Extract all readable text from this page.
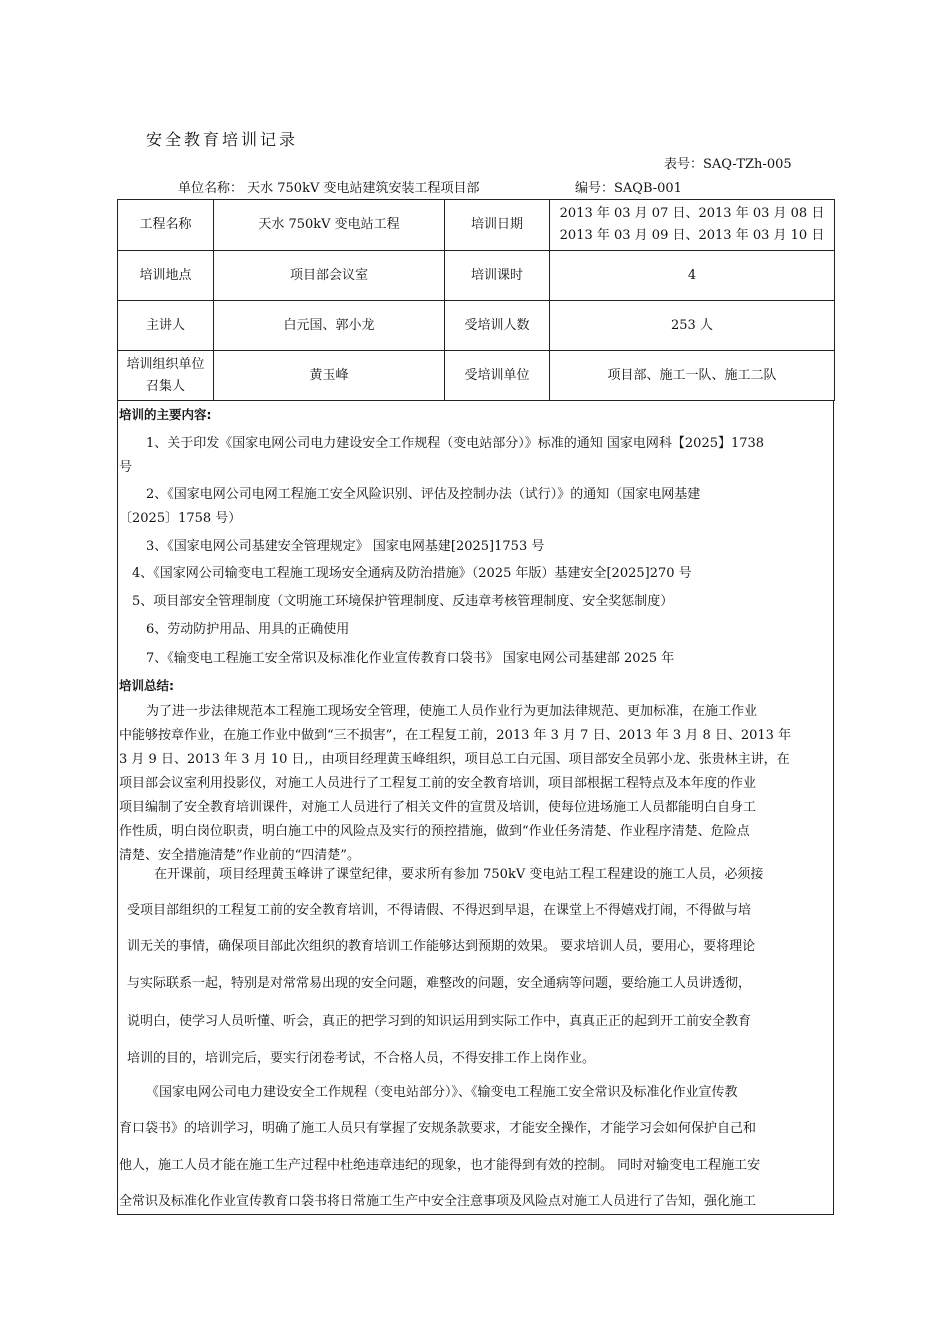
安全教育培训记录
表号：SAQ-TZh-005
单位名称： 天水 750kV 变电站建筑安装工程项目部	编号：SAQB-001
工程名称	天水 750kV 变电站工程	培训日期	2013 年 03 月 07 日、2013 年 03 月 08 日
2013 年 03 月 09 日、2013 年 03 月 10 日

培训地点	项目部会议室	培训课时	4
主讲人	白元国、郭小龙	受培训人数	253 人

培训组织单位
召集人	黄玉峰	受培训单位	项目部、施工一队、施工二队
培训的主要内容:
1、关于印发《国家电网公司电力建设安全工作规程（变电站部分）》标准的通知 国家电网科【2025】1738
号
2、《国家电网公司电网工程施工安全风险识别、评估及控制办法（试行）》的通知（国家电网基建
〔2025〕1758 号）
3、《国家电网公司基建安全管理规定》 国家电网基建[2025]1753 号
4、《国家网公司输变电工程施工现场安全通病及防治措施》（2025 年版）基建安全[2025]270 号
5、项目部安全管理制度（文明施工环境保护管理制度、反违章考核管理制度、安全奖惩制度）
6、劳动防护用品、用具的正确使用
7、《输变电工程施工安全常识及标准化作业宣传教育口袋书》 国家电网公司基建部 2025 年
培训总结:
为了进一步法律规范本工程施工现场安全管理，使施工人员作业行为更加法律规范、更加标准，在施工作业
中能够按章作业，在施工作业中做到“三不损害”，在工程复工前，2013 年 3 月 7 日、2013 年 3 月 8 日、2013 年
3 月 9 日、2013 年 3 月 10 日,，由项目经理黄玉峰组织，项目总工白元国、项目部安全员郭小龙、张贵林主讲，在
项目部会议室利用投影仪，对施工人员进行了工程复工前的安全教育培训，项目部根据工程特点及本年度的作业
项目编制了安全教育培训课件，对施工人员进行了相关文件的宣贯及培训，使每位进场施工人员都能明白自身工
作性质，明白岗位职责，明白施工中的风险点及实行的预控措施，做到“作业任务清楚、作业程序清楚、危险点
清楚、安全措施清楚”作业前的“四清楚”。
在开课前，项目经理黄玉峰讲了课堂纪律，要求所有参加 750kV 变电站工程工程建设的施工人员，必须接
受项目部组织的工程复工前的安全教育培训，不得请假、不得迟到早退，在课堂上不得嬉戏打闹，不得做与培
训无关的事情，确保项目部此次组织的教育培训工作能够达到预期的效果。 要求培训人员，要用心，要将理论
与实际联系一起，特别是对常常易出现的安全问题，难整改的问题，安全通病等问题，要给施工人员讲透彻，
说明白，使学习人员听懂、听会，真正的把学习到的知识运用到实际工作中，真真正正的起到开工前安全教育
培训的目的，培训完后，要实行闭卷考试，不合格人员，不得安排工作上岗作业。
《国家电网公司电力建设安全工作规程（变电站部分）》、《输变电工程施工安全常识及标准化作业宣传教
育口袋书》的培训学习，明确了施工人员只有掌握了安规条款要求，才能安全操作，才能学习会如何保护自己和
他人，施工人员才能在施工生产过程中杜绝违章违纪的现象，也才能得到有效的控制。 同时对输变电工程施工安
全常识及标准化作业宣传教育口袋书将日常施工生产中安全注意事项及风险点对施工人员进行了告知，强化施工
